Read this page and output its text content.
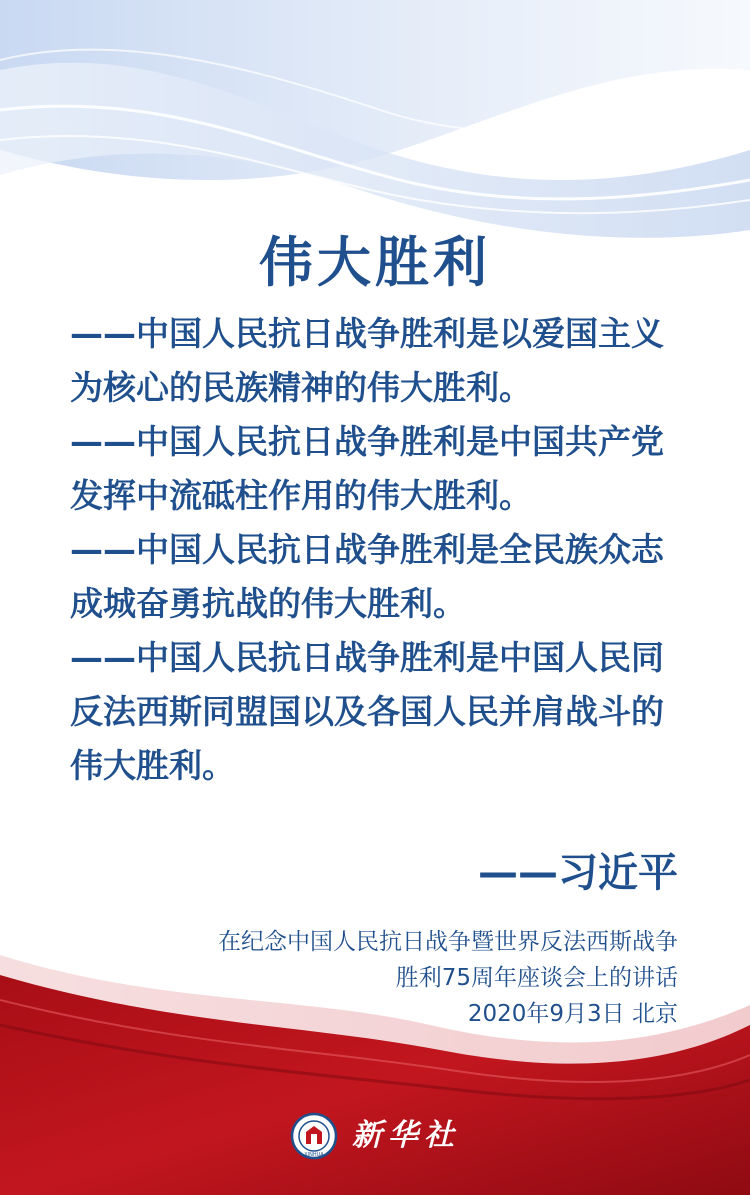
伟大胜利

——中国人民抗日战争胜利是以爱国主义为核心的民族精神的伟大胜利。

——中国人民抗日战争胜利是中国共产党发挥中流砥柱作用的伟大胜利。

——中国人民抗日战争胜利是全民族众志成城奋勇抗战的伟大胜利。

——中国人民抗日战争胜利是中国人民同反法西斯同盟国以及各国人民并肩战斗的伟大胜利。

——习近平
在纪念中国人民抗日战争暨世界反法西斯战争
胜利75周年座谈会上的讲话
2020年9月3日 北京
XINHUA
新华社
